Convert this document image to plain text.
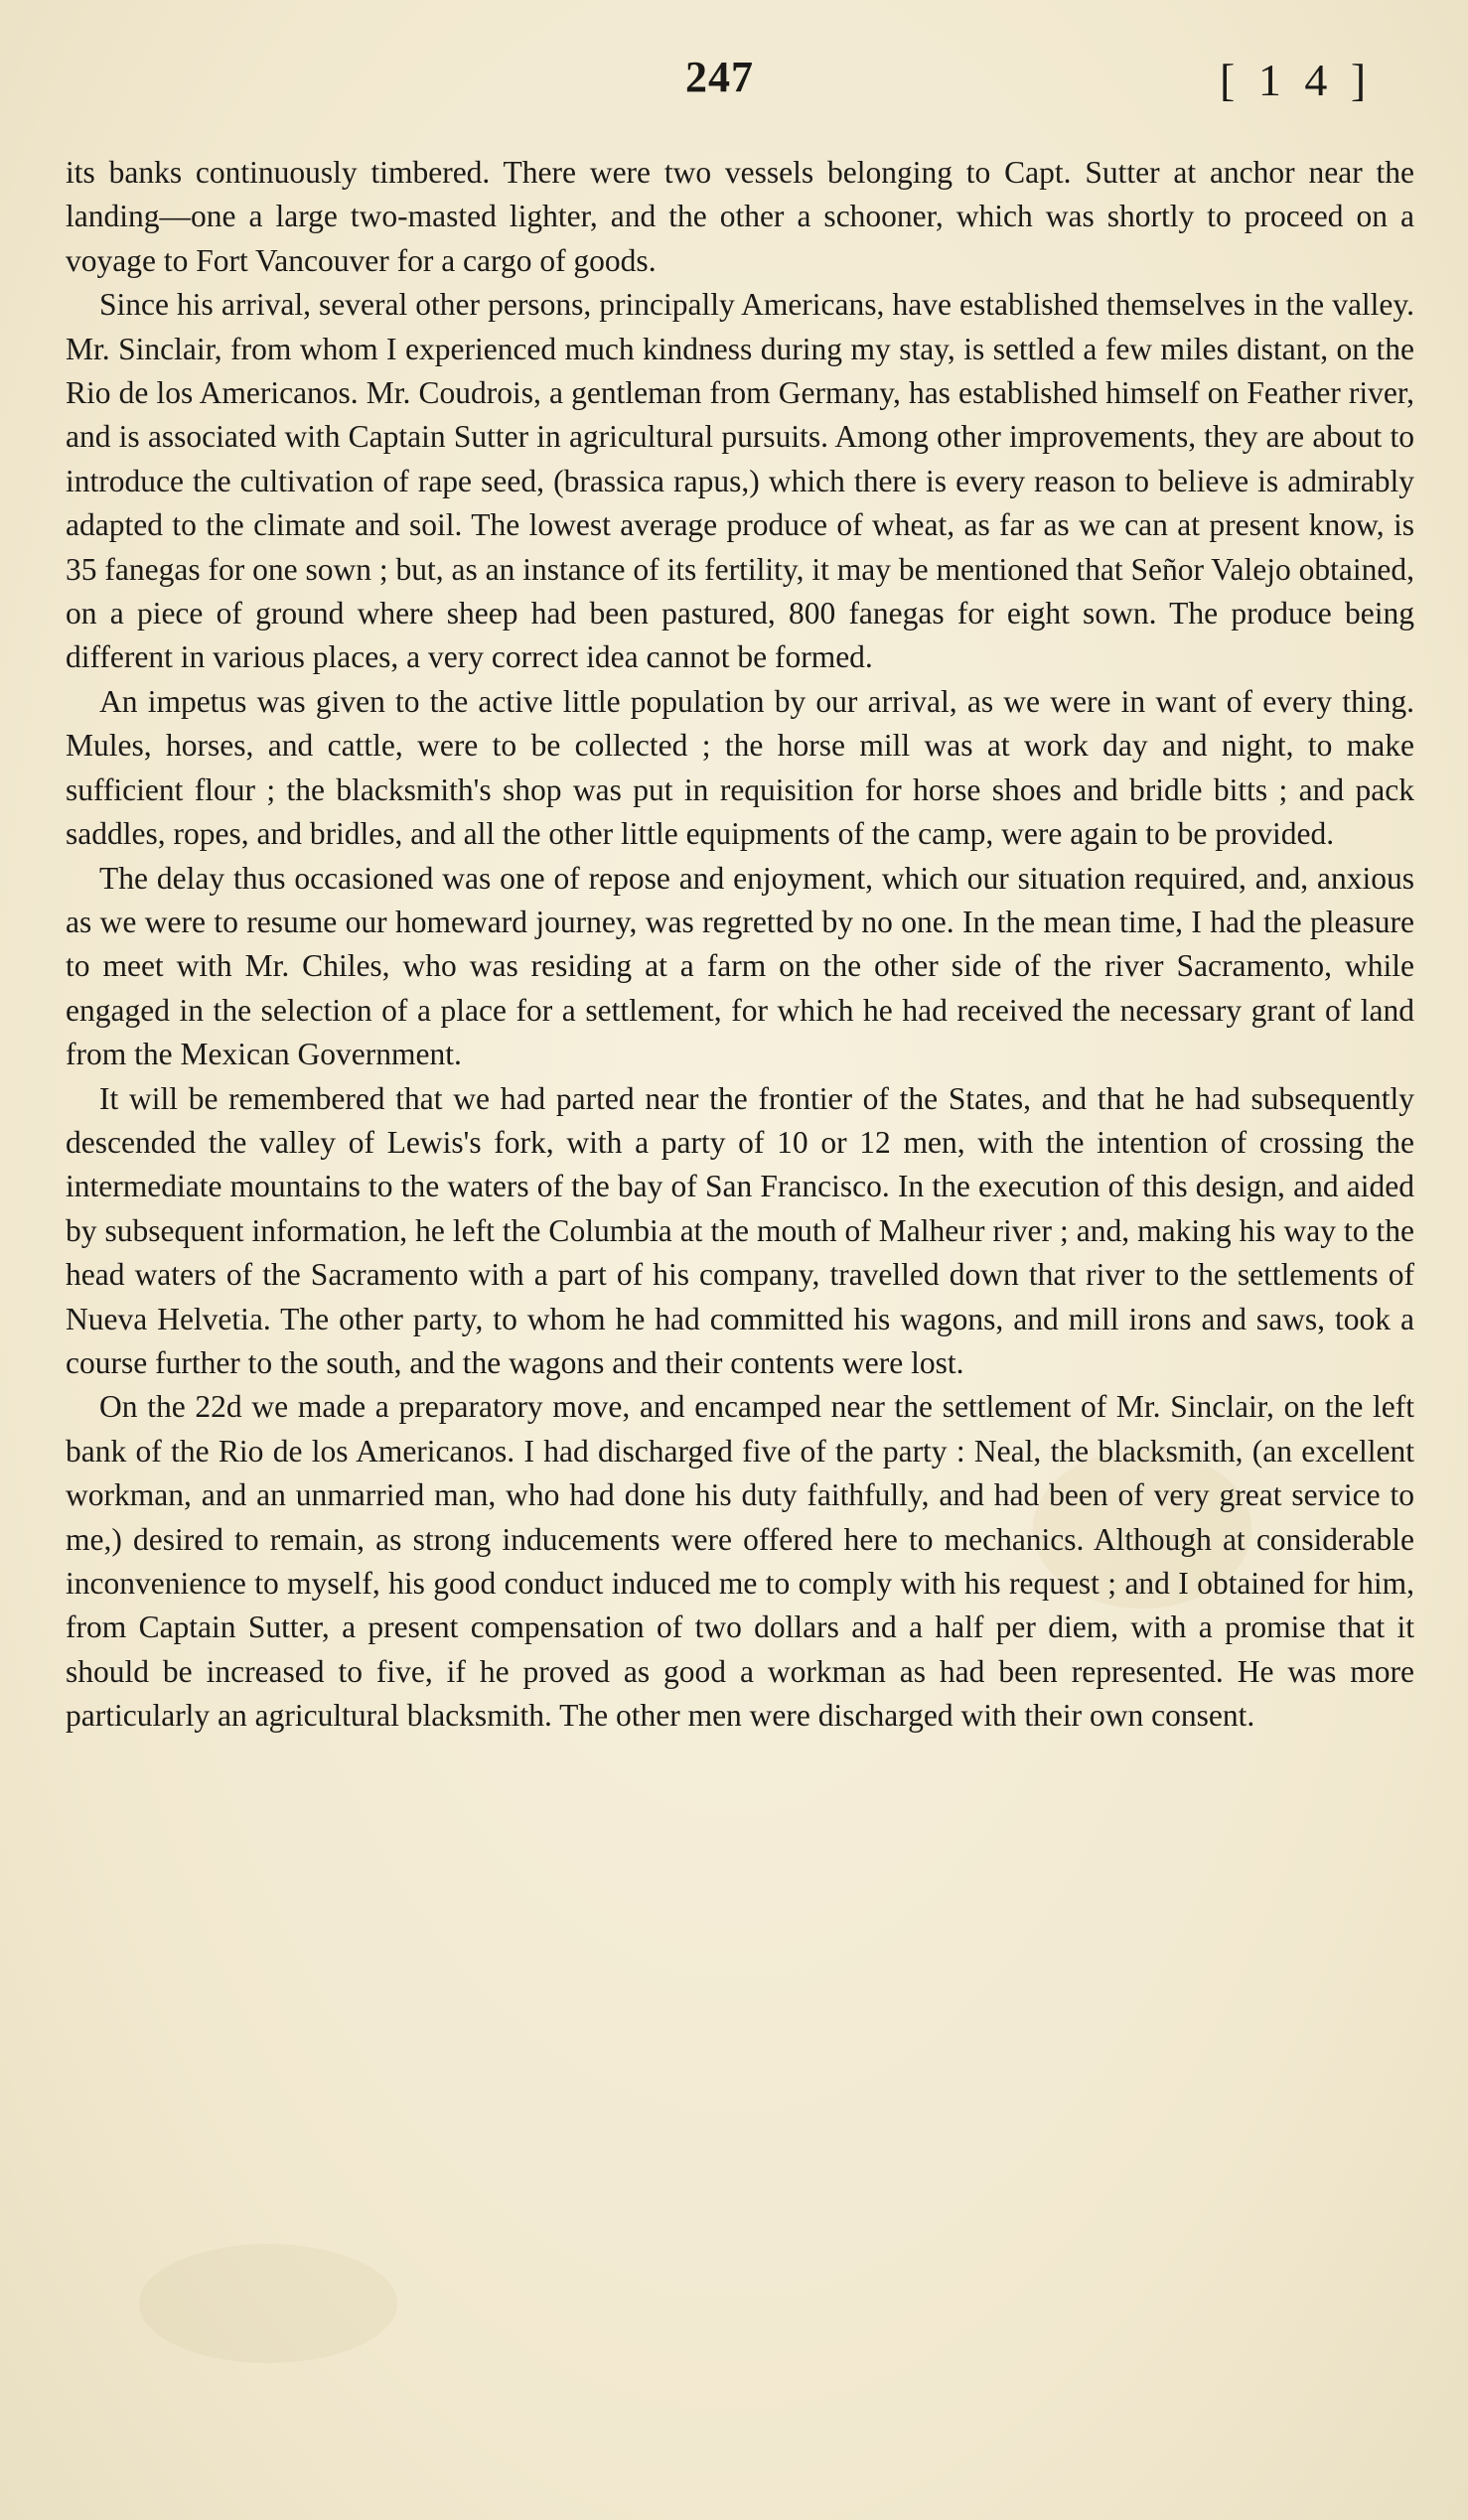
247	[ 1 4 ]

its banks continuously timbered. There were two vessels belonging to Capt. Sutter at anchor near the landing—one a large two-masted lighter, and the other a schooner, which was shortly to proceed on a voyage to Fort Vancouver for a cargo of goods.

Since his arrival, several other persons, principally Americans, have established themselves in the valley. Mr. Sinclair, from whom I experienced much kindness during my stay, is settled a few miles distant, on the Rio de los Americanos. Mr. Coudrois, a gentleman from Germany, has established himself on Feather river, and is associated with Captain Sutter in agricultural pursuits. Among other improvements, they are about to introduce the cultivation of rape seed, (brassica rapus,) which there is every reason to believe is admirably adapted to the climate and soil. The lowest average produce of wheat, as far as we can at present know, is 35 fanegas for one sown ; but, as an instance of its fertility, it may be mentioned that Señor Valejo obtained, on a piece of ground where sheep had been pastured, 800 fanegas for eight sown. The produce being different in various places, a very correct idea cannot be formed.

An impetus was given to the active little population by our arrival, as we were in want of every thing. Mules, horses, and cattle, were to be collected ; the horse mill was at work day and night, to make sufficient flour ; the blacksmith's shop was put in requisition for horse shoes and bridle bitts ; and pack saddles, ropes, and bridles, and all the other little equipments of the camp, were again to be provided.

The delay thus occasioned was one of repose and enjoyment, which our situation required, and, anxious as we were to resume our homeward journey, was regretted by no one. In the mean time, I had the pleasure to meet with Mr. Chiles, who was residing at a farm on the other side of the river Sacramento, while engaged in the selection of a place for a settlement, for which he had received the necessary grant of land from the Mexican Government.

It will be remembered that we had parted near the frontier of the States, and that he had subsequently descended the valley of Lewis's fork, with a party of 10 or 12 men, with the intention of crossing the intermediate mountains to the waters of the bay of San Francisco. In the execution of this design, and aided by subsequent information, he left the Columbia at the mouth of Malheur river ; and, making his way to the head waters of the Sacramento with a part of his company, travelled down that river to the settlements of Nueva Helvetia. The other party, to whom he had committed his wagons, and mill irons and saws, took a course further to the south, and the wagons and their contents were lost.

On the 22d we made a preparatory move, and encamped near the settlement of Mr. Sinclair, on the left bank of the Rio de los Americanos. I had discharged five of the party : Neal, the blacksmith, (an excellent workman, and an unmarried man, who had done his duty faithfully, and had been of very great service to me,) desired to remain, as strong inducements were offered here to mechanics. Although at considerable inconvenience to myself, his good conduct induced me to comply with his request ; and I obtained for him, from Captain Sutter, a present compensation of two dollars and a half per diem, with a promise that it should be increased to five, if he proved as good a workman as had been represented. He was more particularly an agricultural blacksmith. The other men were discharged with their own consent.
